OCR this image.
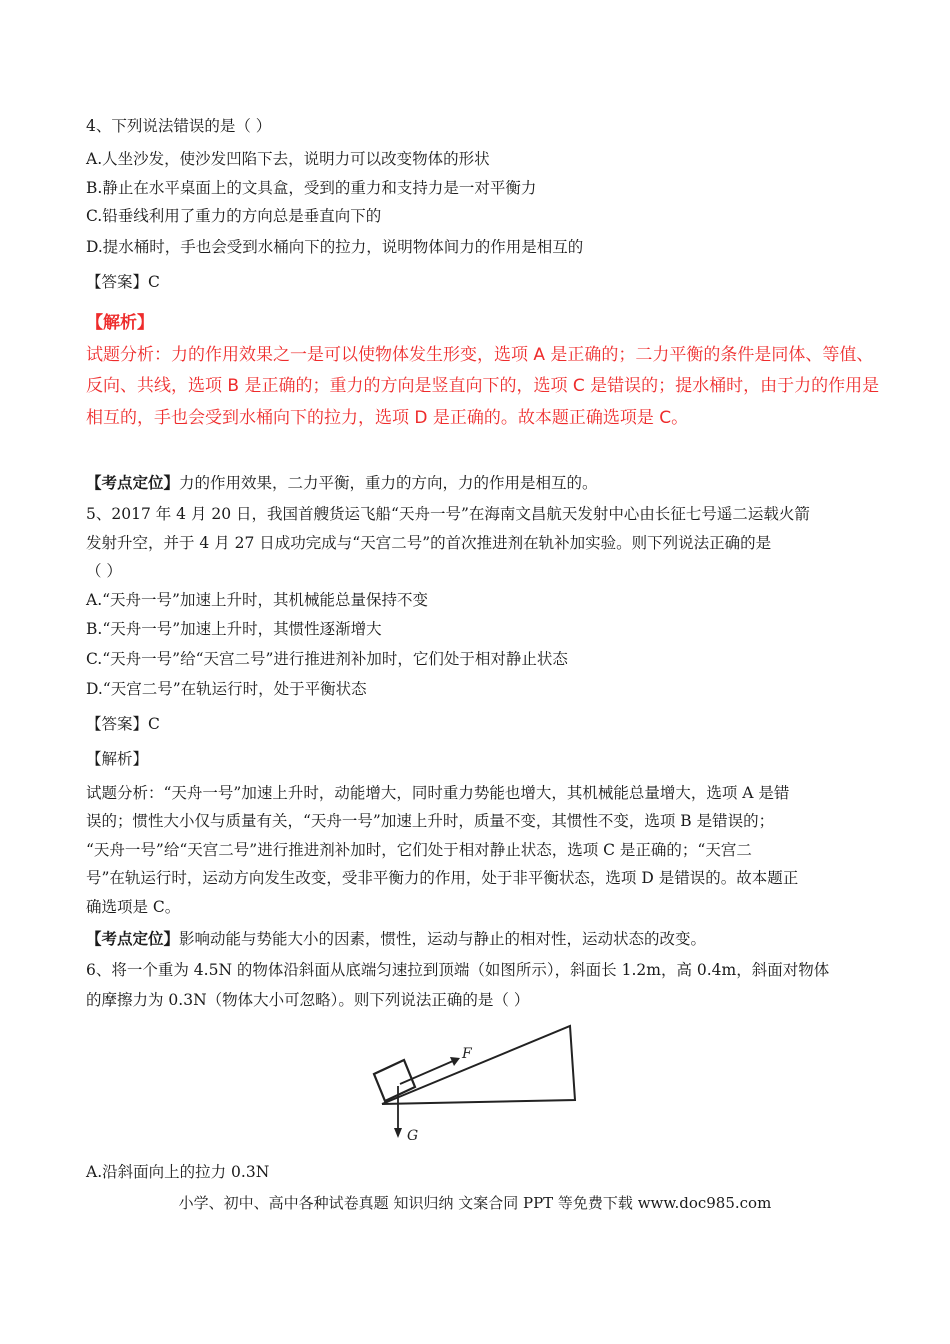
4、下列说法错误的是（ ）
A.人坐沙发，使沙发凹陷下去，说明力可以改变物体的形状
B.静止在水平桌面上的文具盒，受到的重力和支持力是一对平衡力
C.铅垂线利用了重力的方向总是垂直向下的
D.提水桶时，手也会受到水桶向下的拉力，说明物体间力的作用是相互的
【答案】C
【解析】
试题分析：力的作用效果之一是可以使物体发生形变，选项 A 是正确的；二力平衡的条件是同体、等值、
反向、共线，选项 B 是正确的；重力的方向是竖直向下的，选项 C 是错误的；提水桶时，由于力的作用是
相互的，手也会受到水桶向下的拉力，选项 D 是正确的。故本题正确选项是 C。
【考点定位】力的作用效果，二力平衡，重力的方向，力的作用是相互的。
5、2017 年 4 月 20 日，我国首艘货运飞船“天舟一号”在海南文昌航天发射中心由长征七号遥二运载火箭
发射升空，并于 4 月 27 日成功完成与“天宫二号”的首次推进剂在轨补加实验。则下列说法正确的是
（ ）
A.“天舟一号”加速上升时，其机械能总量保持不变
B.“天舟一号”加速上升时，其惯性逐渐增大
C.“天舟一号”给“天宫二号”进行推进剂补加时，它们处于相对静止状态
D.“天宫二号”在轨运行时，处于平衡状态
【答案】C
【解析】
试题分析：“天舟一号”加速上升时，动能增大，同时重力势能也增大，其机械能总量增大，选项 A 是错
误的；惯性大小仅与质量有关，“天舟一号”加速上升时，质量不变，其惯性不变，选项 B 是错误的；
“天舟一号”给“天宫二号”进行推进剂补加时，它们处于相对静止状态，选项 C 是正确的；“天宫二
号”在轨运行时，运动方向发生改变，受非平衡力的作用，处于非平衡状态，选项 D 是错误的。故本题正
确选项是 C。
【考点定位】影响动能与势能大小的因素，惯性，运动与静止的相对性，运动状态的改变。
6、将一个重为 4.5N 的物体沿斜面从底端匀速拉到顶端（如图所示），斜面长 1.2m，高 0.4m，斜面对物体
的摩擦力为 0.3N（物体大小可忽略）。则下列说法正确的是（ ）
F
G
A.沿斜面向上的拉力 0.3N
小学、初中、高中各种试卷真题 知识归纳 文案合同 PPT 等免费下载 www.doc985.com
